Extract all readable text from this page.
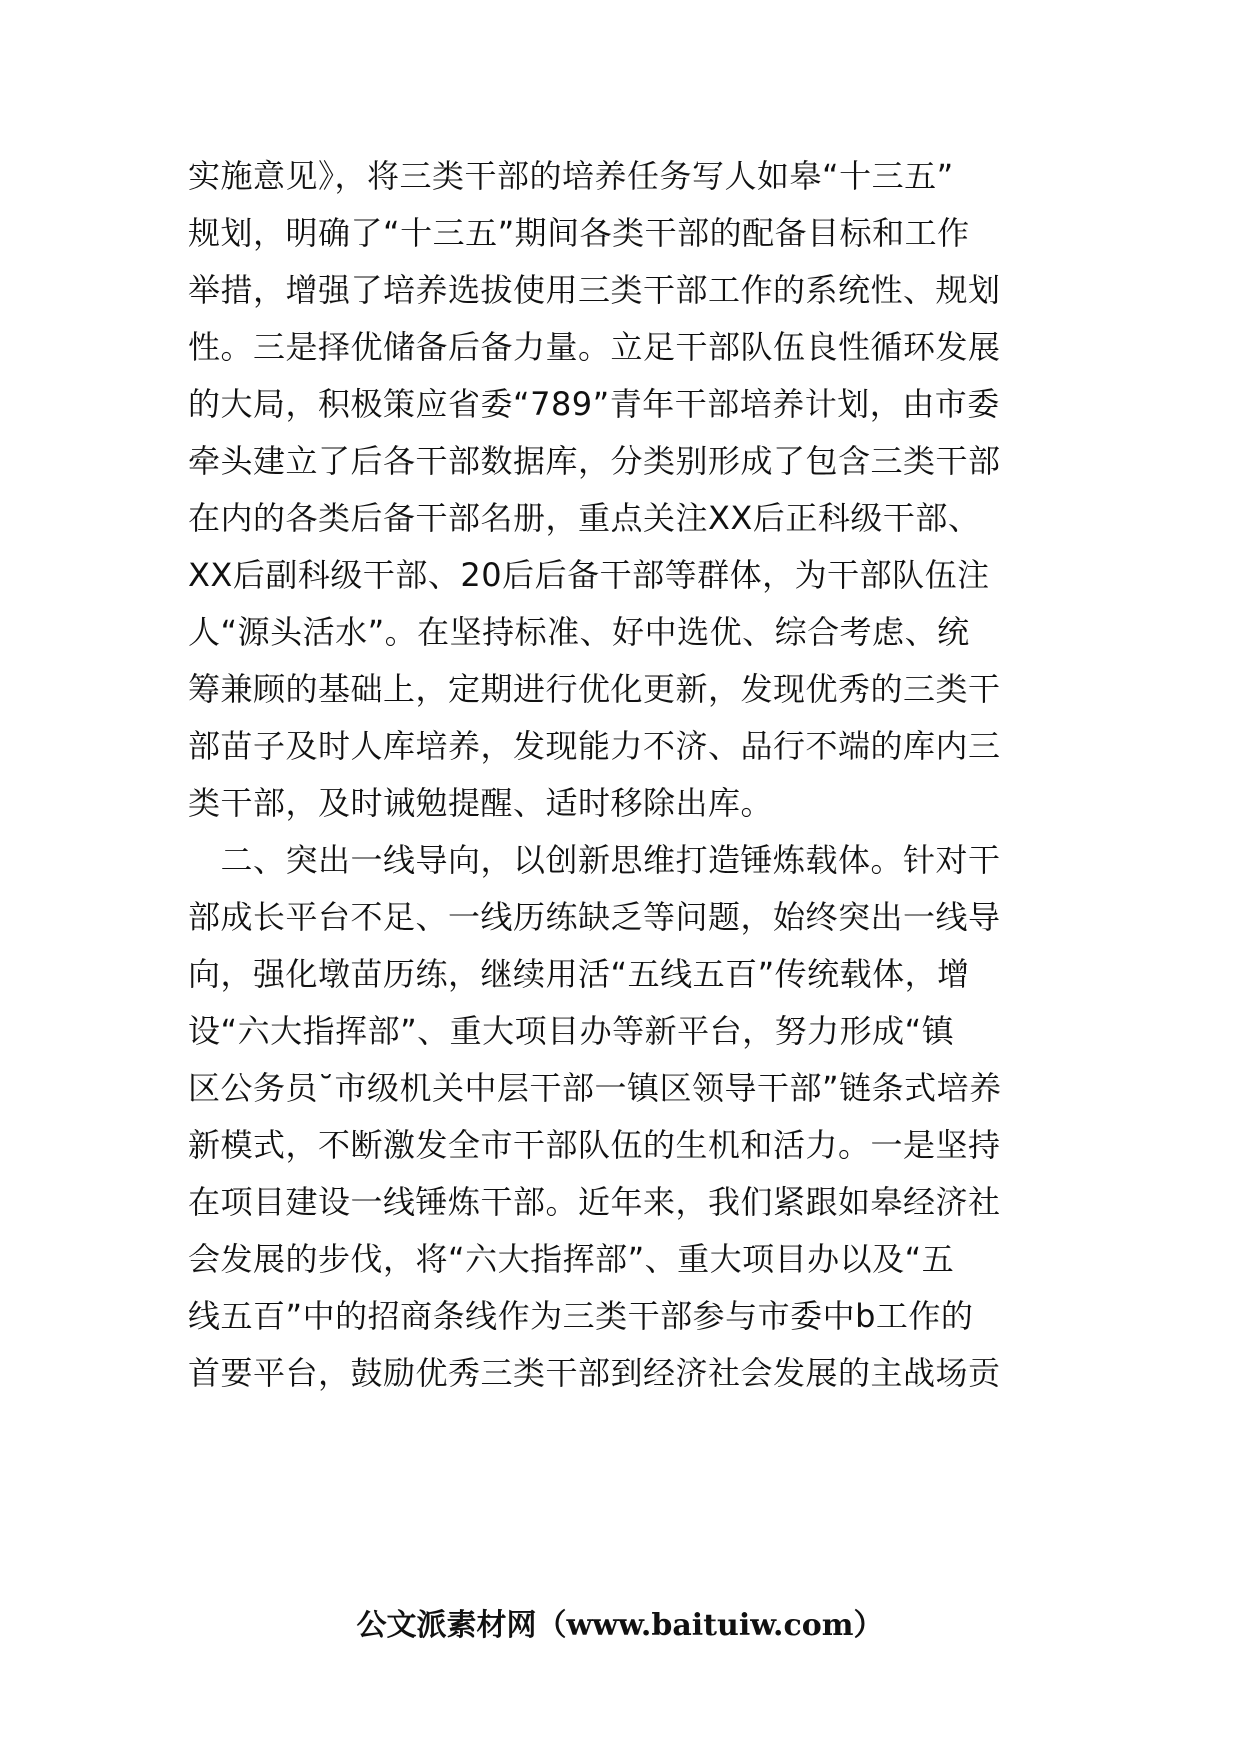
实施意见》，将三类干部的培养任务写人如皋“十三五”
规划，明确了“十三五”期间各类干部的配备目标和工作
举措，增强了培养选拔使用三类干部工作的系统性、规划
性。三是择优储备后备力量。立足干部队伍良性循环发展
的大局，积极策应省委“789”青年干部培养计划，由市委
牵头建立了后各干部数据库，分类别形成了包含三类干部
在内的各类后备干部名册，重点关注XX后正科级干部、
XX后副科级干部、20后后备干部等群体，为干部队伍注
人“源头活水”。在坚持标准、好中选优、综合考虑、统
筹兼顾的基础上，定期进行优化更新，发现优秀的三类干
部苗子及时人库培养，发现能力不济、品行不端的库内三
类干部，及时诫勉提醒、适时移除出库。
　二、突出一线导向，以创新思维打造锤炼载体。针对干
部成长平台不足、一线历练缺乏等问题，始终突出一线导
向，强化墩苗历练，继续用活“五线五百”传统载体，增
设“六大指挥部”、重大项目办等新平台，努力形成“镇
区公务员˘市级机关中层干部一镇区领导干部”链条式培养
新模式，不断激发全市干部队伍的生机和活力。一是坚持
在项目建设一线锤炼干部。近年来，我们紧跟如皋经济社
会发展的步伐，将“六大指挥部”、重大项目办以及“五
线五百”中的招商条线作为三类干部参与市委中b工作的
首要平台，鼓励优秀三类干部到经济社会发展的主战场贡
公文派素材网（www.baituiw.com）
